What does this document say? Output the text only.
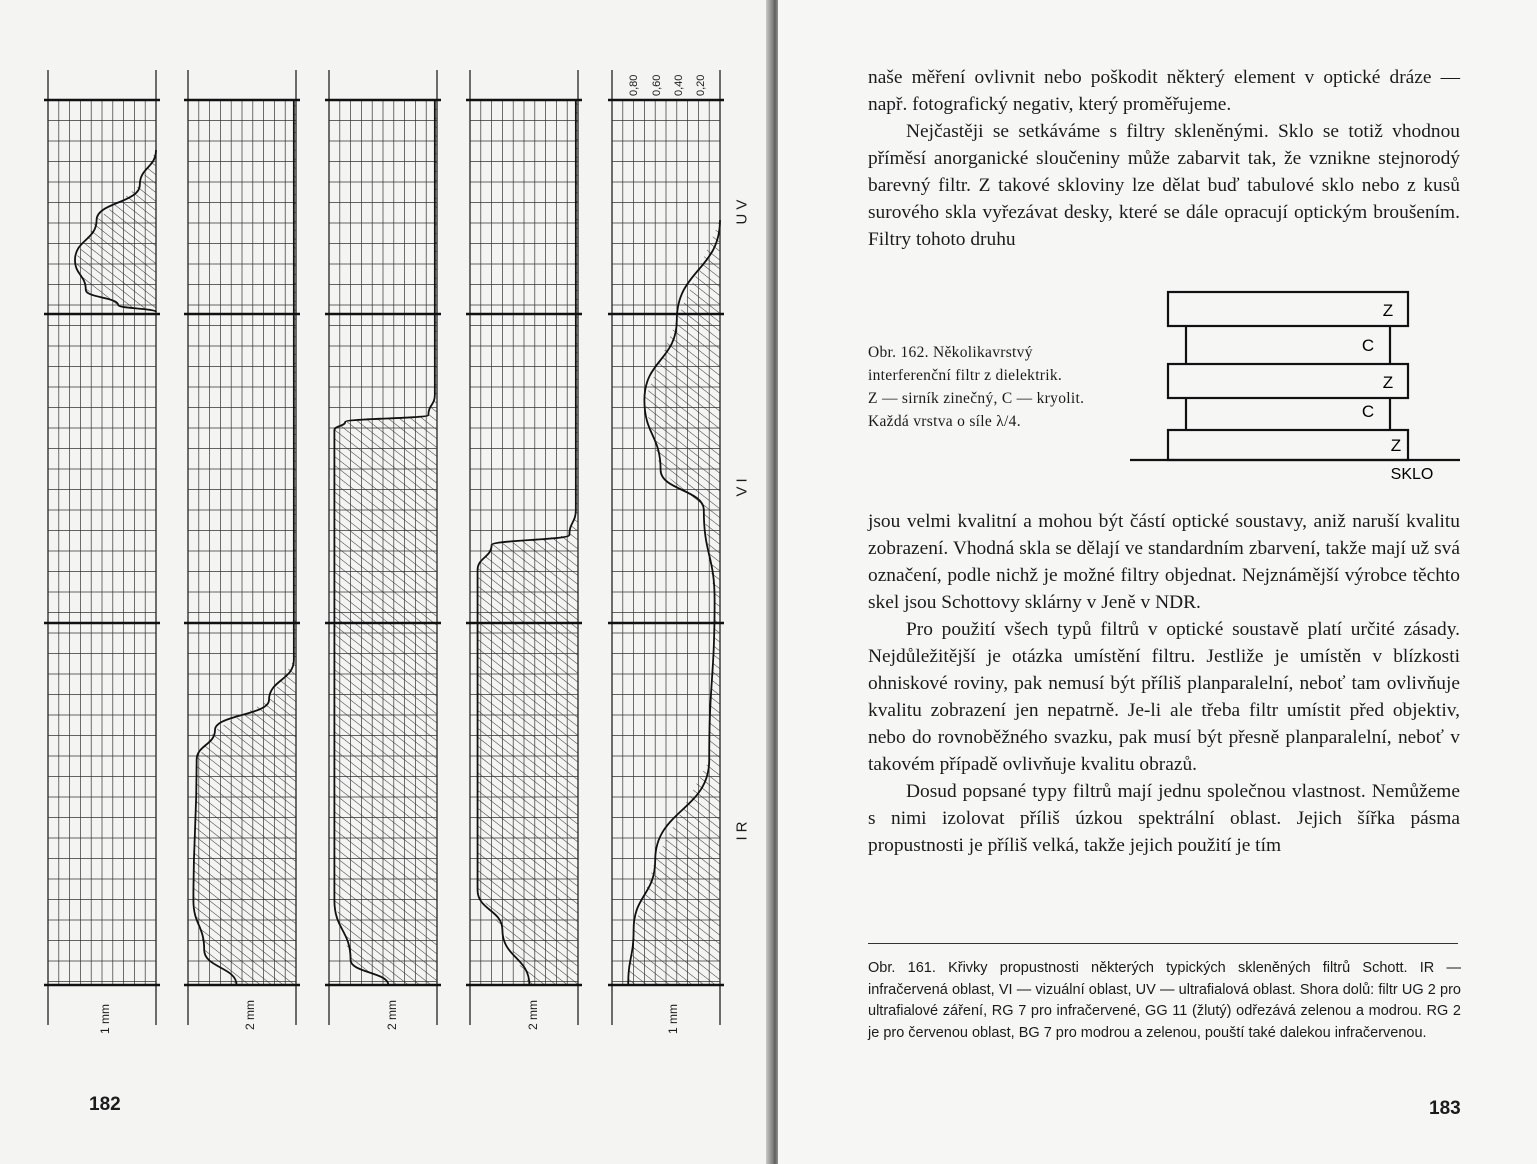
1 mm	2 mm	2 mm	2 mm	1 mm
0,80 0,60 0,40 0,20
UV
VI
IR
182

naše měření ovlivnit nebo poškodit některý element v optické dráze — např. fotografický negativ, který proměřujeme.

Nejčastěji se setkáváme s filtry skleněnými. Sklo se totiž vhodnou příměsí anorganické sloučeniny může zabarvit tak, že vznikne stejnorodý barevný filtr. Z takové skloviny lze dělat buď tabulové sklo nebo z kusů surového skla vyřezávat desky, které se dále opracují optickým broušením. Filtry tohoto druhu

Z
C
Z
C
Z
SKLO
Obr. 162. Několikavrstvý interferenční filtr z dielektrik.
Z — sirník zinečný, C — kryolit. Každá vrstva o síle λ/4.

jsou velmi kvalitní a mohou být částí optické soustavy, aniž naruší kvalitu zobrazení. Vhodná skla se dělají ve standardním zbarvení, takže mají už svá označení, podle nichž je možné filtry objednat. Nejznámější výrobce těchto skel jsou Schottovy sklárny v Jeně v NDR.

Pro použití všech typů filtrů v optické soustavě platí určité zásady. Nejdůležitější je otázka umístění filtru. Jestliže je umístěn v blízkosti ohniskové roviny, pak nemusí být příliš planparalelní, neboť tam ovlivňuje kvalitu zobrazení jen nepatrně. Je-li ale třeba filtr umístit před objektiv, nebo do rovnoběžného svazku, pak musí být přesně planparalelní, neboť v takovém případě ovlivňuje kvalitu obrazů.

Dosud popsané typy filtrů mají jednu společnou vlastnost. Nemůžeme s nimi izolovat příliš úzkou spektrální oblast. Jejich šířka pásma propustnosti je příliš velká, takže jejich použití je tím

Obr. 161. Křivky propustnosti některých typických skleněných filtrů Schott. IR — infračervená oblast, VI — vizuální oblast, UV — ultrafialová oblast. Shora dolů: filtr UG 2 pro ultrafialové záření, RG 7 pro infračervené, GG 11 (žlutý) odřezává zelenou a modrou. RG 2 je pro červenou oblast, BG 7 pro modrou a zelenou, pouští také dalekou infračervenou.
183
